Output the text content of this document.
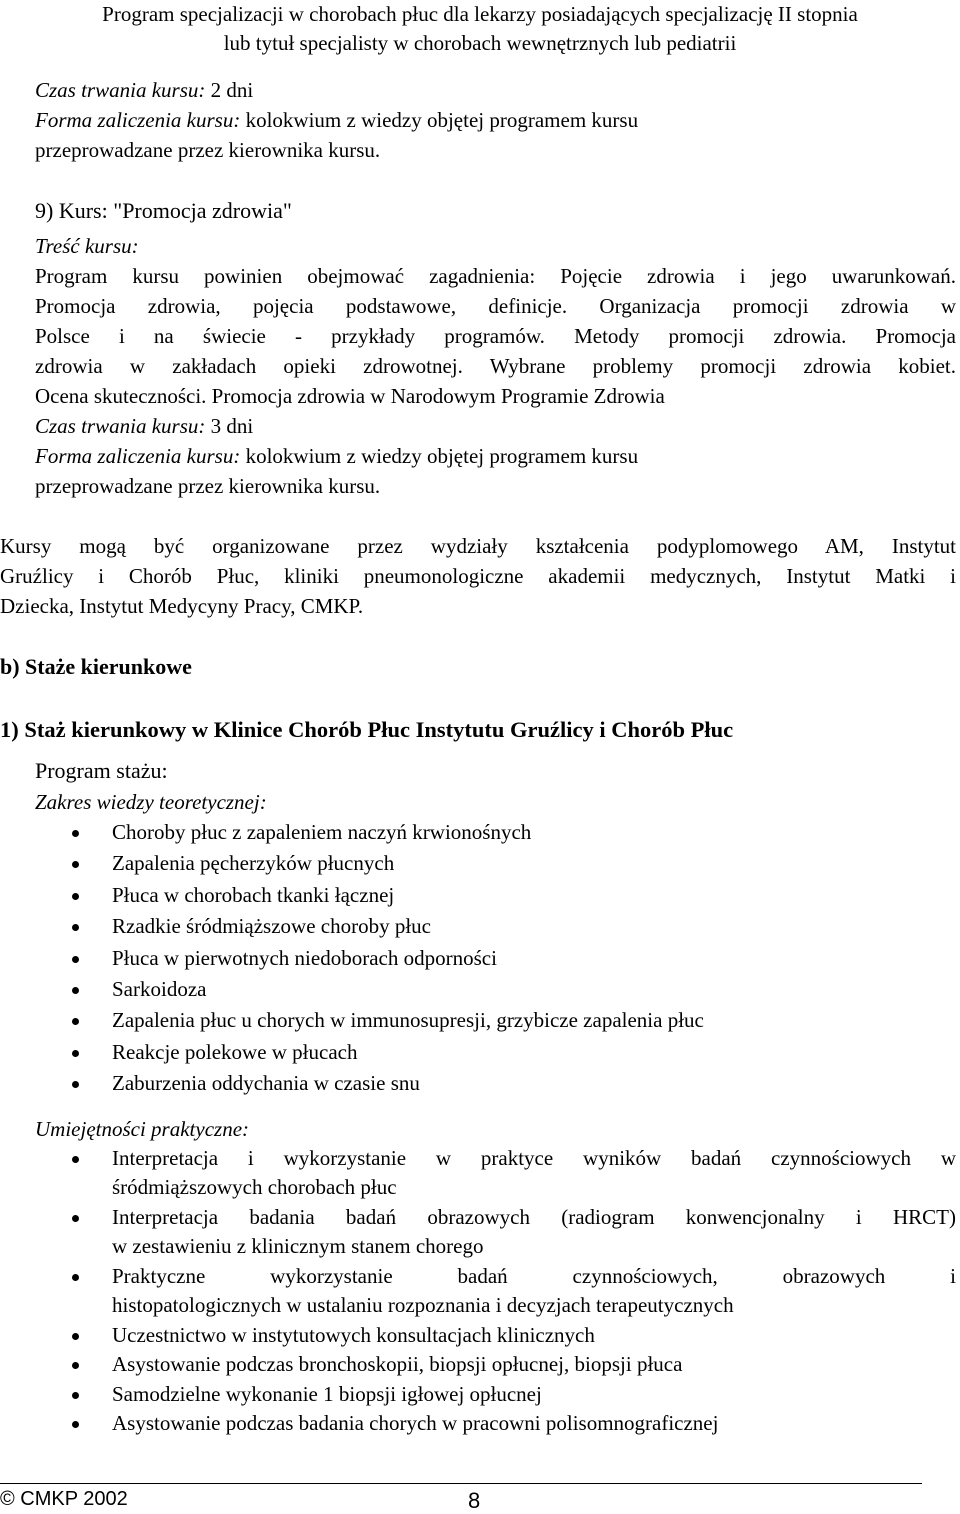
Program specjalizacji w chorobach płuc dla lekarzy posiadających specjalizację II stopnia
lub tytuł specjalisty w chorobach wewnętrznych lub pediatrii
Czas trwania kursu: 2 dni
Forma zaliczenia kursu: kolokwium z wiedzy objętej programem kursu
przeprowadzane przez kierownika kursu.
9) Kurs: "Promocja zdrowia"
Treść kursu:
Program kursu powinien obejmować zagadnienia: Pojęcie zdrowia i jego uwarunkowań.
Promocja zdrowia, pojęcia podstawowe, definicje. Organizacja promocji zdrowia w
Polsce i na świecie - przykłady programów. Metody promocji zdrowia. Promocja
zdrowia w zakładach opieki zdrowotnej. Wybrane problemy promocji zdrowia kobiet.
Ocena skuteczności. Promocja zdrowia w Narodowym Programie Zdrowia
Czas trwania kursu: 3 dni
Forma zaliczenia kursu: kolokwium z wiedzy objętej programem kursu
przeprowadzane przez kierownika kursu.
Kursy mogą być organizowane przez wydziały kształcenia podyplomowego AM, Instytut
Gruźlicy i Chorób Płuc, kliniki pneumonologiczne akademii medycznych, Instytut Matki i
Dziecka, Instytut Medycyny Pracy, CMKP.
b) Staże kierunkowe
1) Staż kierunkowy w Klinice Chorób Płuc Instytutu Gruźlicy i Chorób Płuc
Program stażu:
Zakres wiedzy teoretycznej:
Choroby płuc z zapaleniem naczyń krwionośnych
Zapalenia pęcherzyków płucnych
Płuca w chorobach tkanki łącznej
Rzadkie śródmiąższowe choroby płuc
Płuca w pierwotnych niedoborach odporności
Sarkoidoza
Zapalenia płuc u chorych w immunosupresji, grzybicze zapalenia płuc
Reakcje polekowe w płucach
Zaburzenia oddychania w czasie snu
Umiejętności praktyczne:
Interpretacja i wykorzystanie w praktyce wyników badań czynnościowych w
śródmiąższowych chorobach płuc
Interpretacja badania badań obrazowych (radiogram konwencjonalny i HRCT)
w zestawieniu z klinicznym stanem chorego
Praktyczne wykorzystanie badań czynnościowych, obrazowych i
histopatologicznych w ustalaniu rozpoznania i decyzjach terapeutycznych
Uczestnictwo w instytutowych konsultacjach klinicznych
Asystowanie podczas bronchoskopii, biopsji opłucnej, biopsji płuca
Samodzielne wykonanie 1 biopsji igłowej opłucnej
Asystowanie podczas badania chorych w pracowni polisomnograficznej
© CMKP 2002	8
